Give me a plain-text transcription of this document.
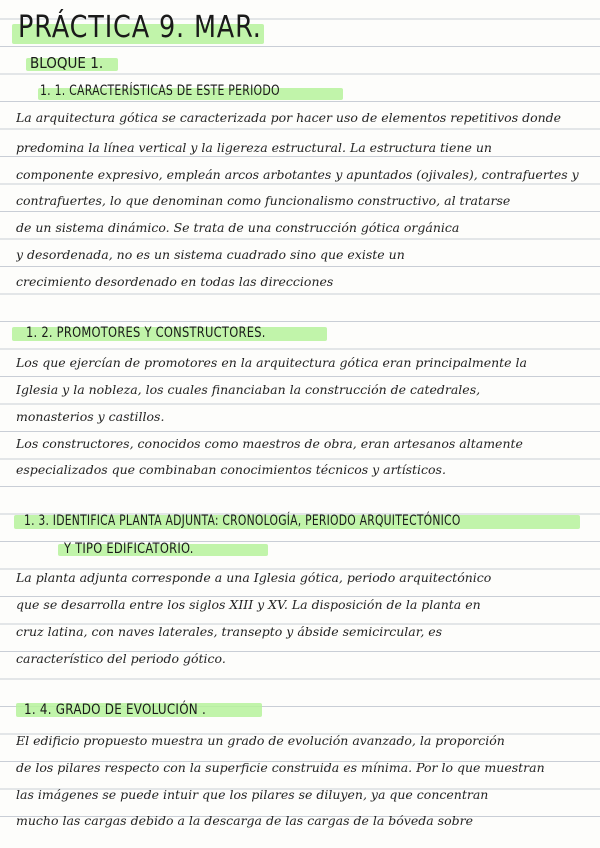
PRÁCTICA 9. MAR.
BLOQUE 1.
1. 1. CARACTERÍSTICAS DE ESTE PERIODO
La arquitectura gótica se caracterizada por hacer uso de elementos repetitivos donde
predomina la línea vertical y la ligereza estructural. La estructura tiene un
componente expresivo, empleán arcos arbotantes y apuntados (ojivales), contrafuertes y
contrafuertes, lo que denominan como funcionalismo constructivo, al tratarse
de un sistema dinámico. Se trata de una construcción gótica orgánica
y desordenada, no es un sistema cuadrado sino que existe un
crecimiento desordenado en todas las direcciones
1. 2. PROMOTORES Y CONSTRUCTORES.
Los que ejercían de promotores en la arquitectura gótica eran principalmente la
Iglesia y la nobleza, los cuales financiaban la construcción de catedrales,
monasterios y castillos.
Los constructores, conocidos como maestros de obra, eran artesanos altamente
especializados que combinaban conocimientos técnicos y artísticos.
1. 3. IDENTIFICA PLANTA ADJUNTA: CRONOLOGÍA, PERIODO ARQUITECTÓNICO
Y TIPO EDIFICATORIO.
La planta adjunta corresponde a una Iglesia gótica, periodo arquitectónico
que se desarrolla entre los siglos XIII y XV. La disposición de la planta en
cruz latina, con naves laterales, transepto y ábside semicircular, es
característico del periodo gótico.
1. 4. GRADO DE EVOLUCIÓN .
El edificio propuesto muestra un grado de evolución avanzado, la proporción
de los pilares respecto con la superficie construida es mínima. Por lo que muestran
las imágenes se puede intuir que los pilares se diluyen, ya que concentran
mucho las cargas debido a la descarga de las cargas de la bóveda sobre
